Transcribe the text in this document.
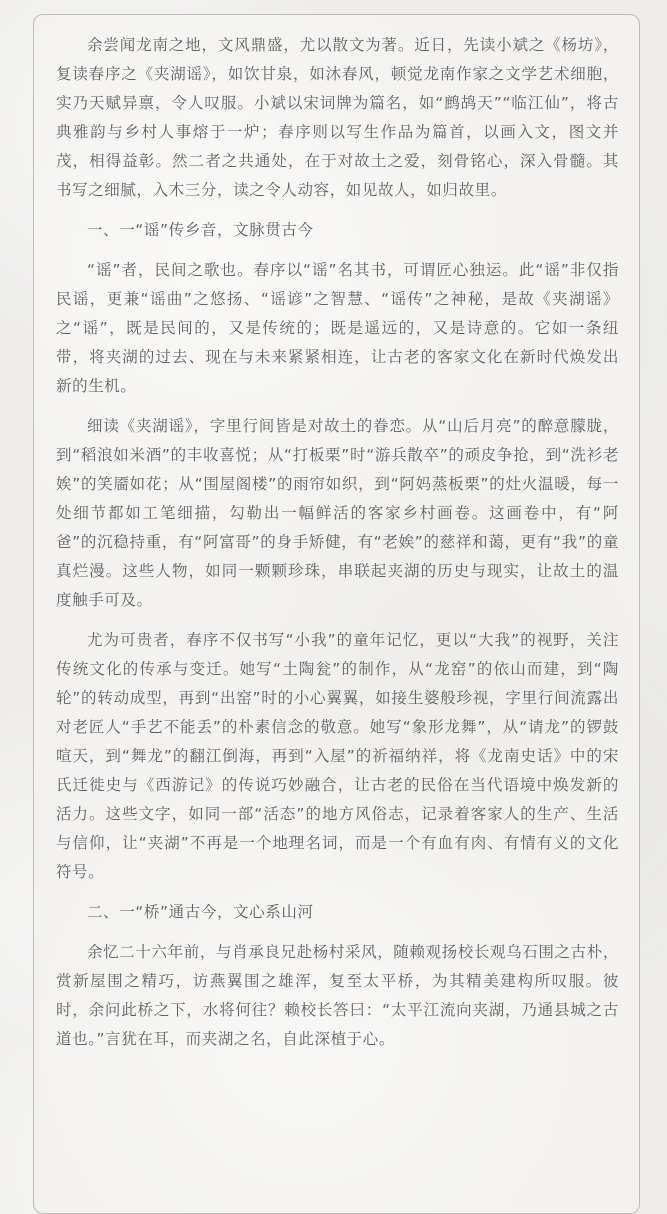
余尝闻龙南之地，文风鼎盛，尤以散文为著。近日，先读小斌之《杨坊》，复读春序之《夹湖谣》，如饮甘泉，如沐春风，顿觉龙南作家之文学艺术细胞，实乃天赋异禀，令人叹服。小斌以宋词牌为篇名，如“鹧鸪天”“临江仙”，将古典雅韵与乡村人事熔于一炉；春序则以写生作品为篇首，以画入文，图文并茂，相得益彰。然二者之共通处，在于对故土之爱，刻骨铭心，深入骨髓。其书写之细腻，入木三分，读之令人动容，如见故人，如归故里。

一、一“谣”传乡音，文脉贯古今

“谣”者，民间之歌也。春序以“谣”名其书，可谓匠心独运。此“谣”非仅指民谣，更兼“谣曲”之悠扬、“谣谚”之智慧、“谣传”之神秘，是故《夹湖谣》之“谣”，既是民间的，又是传统的；既是遥远的，又是诗意的。它如一条纽带，将夹湖的过去、现在与未来紧紧相连，让古老的客家文化在新时代焕发出新的生机。

细读《夹湖谣》，字里行间皆是对故土的眷恋。从“山后月亮”的醉意朦胧，到“稻浪如米酒”的丰收喜悦；从“打板栗”时“游兵散卒”的顽皮争抢，到“洗衫老娭”的笑靥如花；从“围屋阁楼”的雨帘如织，到“阿妈蒸板栗”的灶火温暖，每一处细节都如工笔细描，勾勒出一幅鲜活的客家乡村画卷。这画卷中，有“阿爸”的沉稳持重，有“阿富哥”的身手矫健，有“老娭”的慈祥和蔼，更有“我”的童真烂漫。这些人物，如同一颗颗珍珠，串联起夹湖的历史与现实，让故土的温度触手可及。

尤为可贵者，春序不仅书写“小我”的童年记忆，更以“大我”的视野，关注传统文化的传承与变迁。她写“土陶瓮”的制作，从“龙窑”的依山而建，到“陶轮”的转动成型，再到“出窑”时的小心翼翼，如接生婆般珍视，字里行间流露出对老匠人“手艺不能丢”的朴素信念的敬意。她写“象形龙舞”，从“请龙”的锣鼓喧天，到“舞龙”的翻江倒海，再到“入屋”的祈福纳祥，将《龙南史话》中的宋氏迁徙史与《西游记》的传说巧妙融合，让古老的民俗在当代语境中焕发新的活力。这些文字，如同一部“活态”的地方风俗志，记录着客家人的生产、生活与信仰，让“夹湖”不再是一个地理名词，而是一个有血有肉、有情有义的文化符号。

二、一“桥”通古今，文心系山河

余忆二十六年前，与肖承良兄赴杨村采风，随赖观扬校长观乌石围之古朴，赏新屋围之精巧，访燕翼围之雄浑，复至太平桥，为其精美建构所叹服。彼时，余问此桥之下，水将何往？赖校长答曰：“太平江流向夹湖，乃通县城之古道也。”言犹在耳，而夹湖之名，自此深植于心。
